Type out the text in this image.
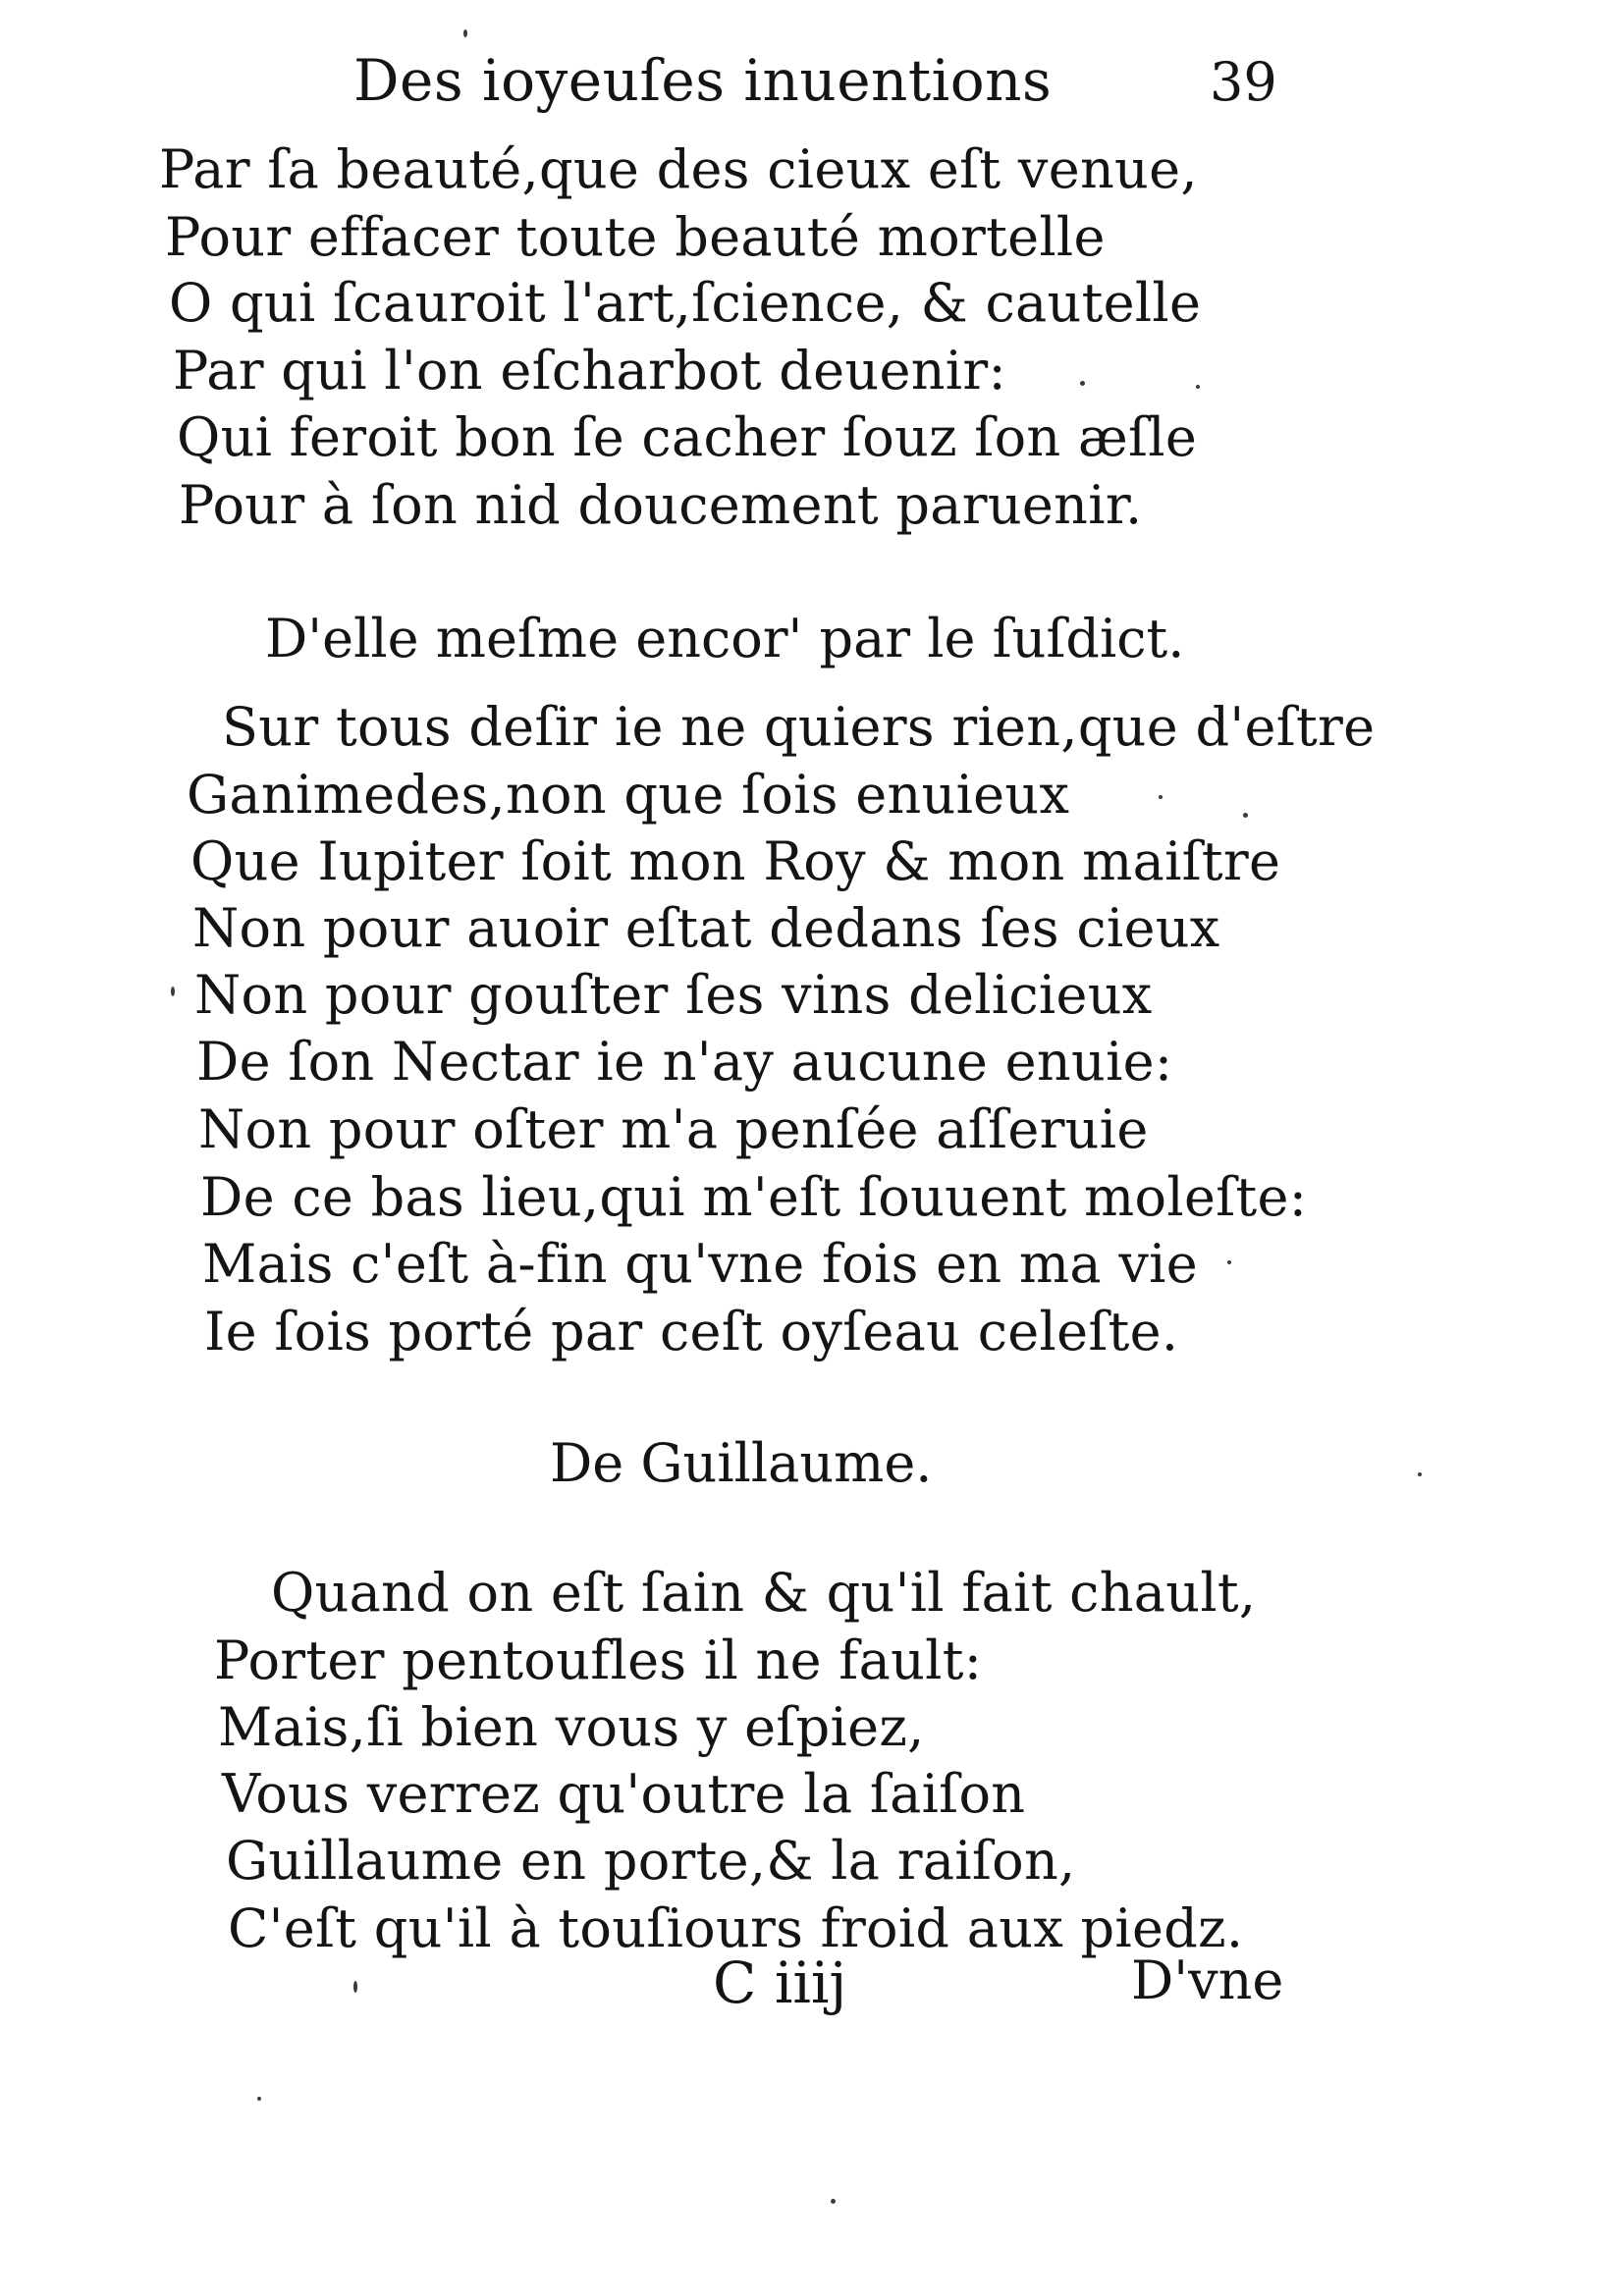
Des ioyeuſes inuentions	39
Par ſa beauté,que des cieux eſt venue,
Pour effacer toute beauté mortelle
O qui ſcauroit l'art,ſcience, & cautelle
Par qui l'on eſcharbot deuenir:
Qui feroit bon ſe cacher ſouz ſon æſle
Pour à ſon nid doucement paruenir.
D'elle meſme encor' par le ſuſdict.
Sur tous deſir ie ne quiers rien,que d'eſtre
Ganimedes,non que ſois enuieux
Que Iupiter ſoit mon Roy & mon maiſtre
Non pour auoir eſtat dedans ſes cieux
Non pour gouſter ſes vins delicieux
De ſon Nectar ie n'ay aucune enuie:
Non pour oſter m'a penſée aſſeruie
De ce bas lieu,qui m'eſt ſouuent moleſte:
Mais c'eſt à-fin qu'vne fois en ma vie
Ie ſois porté par ceſt oyſeau celeſte.
De Guillaume.
Quand on eſt ſain & qu'il fait chault,
Porter pentoufles il ne fault:
Mais,ſi bien vous y eſpiez,
Vous verrez qu'outre la ſaiſon
Guillaume en porte,& la raiſon,
C'eſt qu'il à touſiours froid aux piedz.
C iiij	D'vne
